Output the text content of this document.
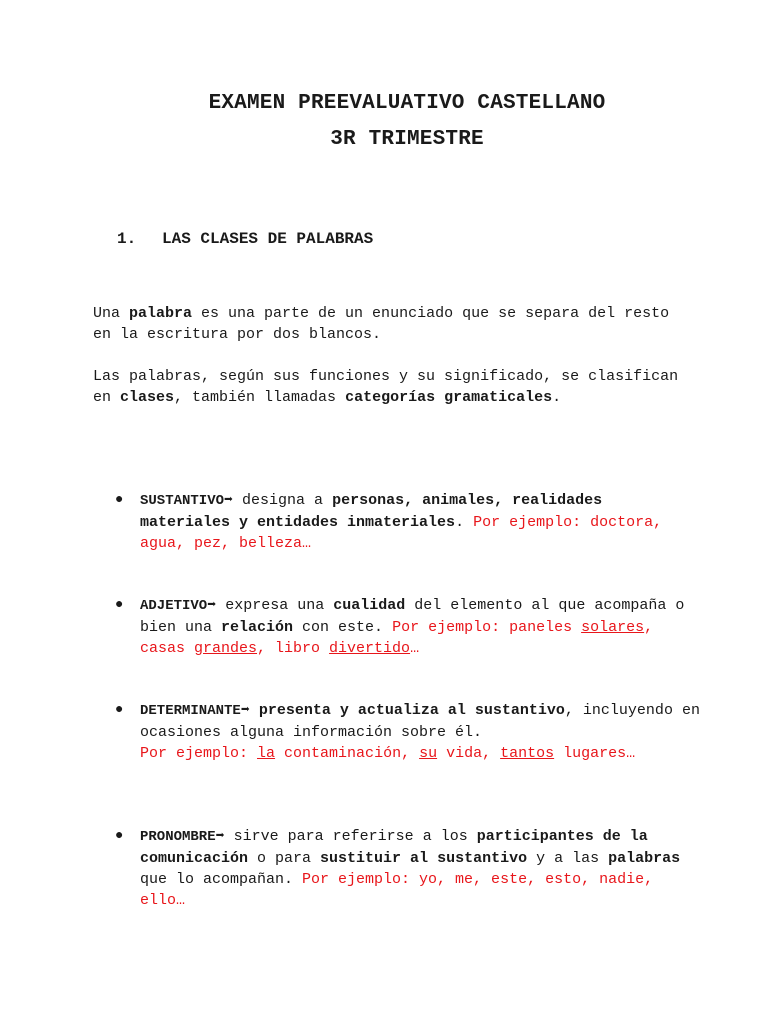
EXAMEN PREEVALUATIVO CASTELLANO
3R TRIMESTRE
1. LAS CLASES DE PALABRAS
Una palabra es una parte de un enunciado que se separa del resto en la escritura por dos blancos.
Las palabras, según sus funciones y su significado, se clasifican en clases, también llamadas categorías gramaticales.
● SUSTANTIVO➡ designa a personas, animales, realidades materiales y entidades inmateriales. Por ejemplo: doctora, agua, pez, belleza…
● ADJETIVO➡ expresa una cualidad del elemento al que acompaña o bien una relación con este. Por ejemplo: paneles solares, casas grandes, libro divertido…
● DETERMINANTE➡ presenta y actualiza al sustantivo, incluyendo en ocasiones alguna información sobre él.
Por ejemplo: la contaminación, su vida, tantos lugares…
● PRONOMBRE➡ sirve para referirse a los participantes de la comunicación o para sustituir al sustantivo y a las palabras que lo acompañan. Por ejemplo: yo, me, este, esto, nadie, ello…
